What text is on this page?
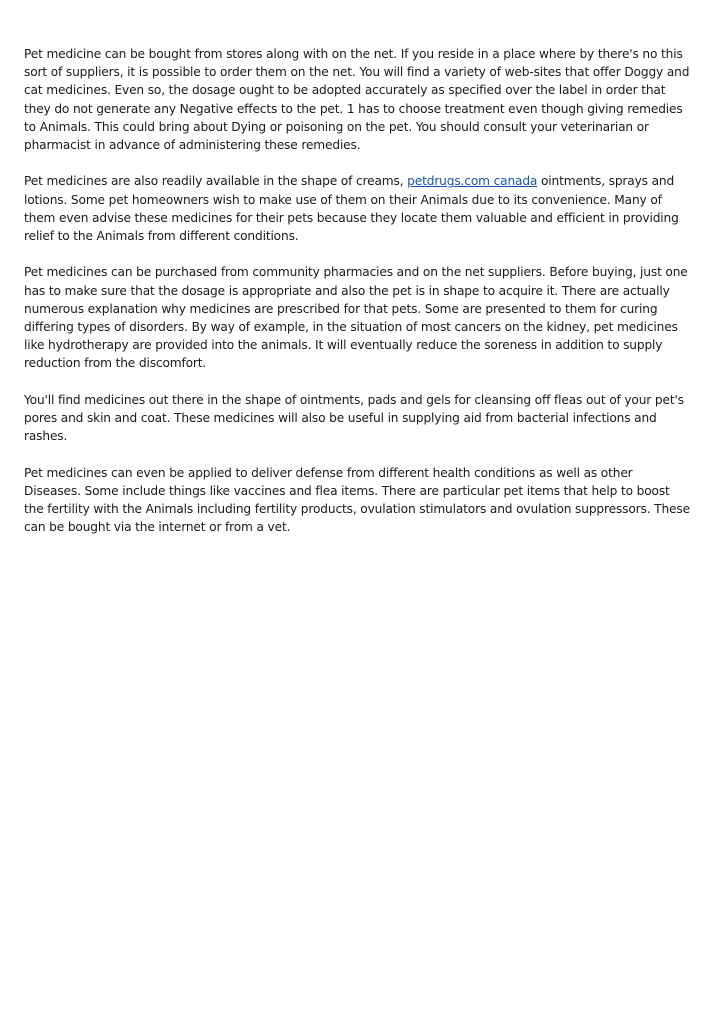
Pet medicine can be bought from stores along with on the net. If you reside in a place where by there's no this sort of suppliers, it is possible to order them on the net. You will find a variety of web-sites that offer Doggy and cat medicines. Even so, the dosage ought to be adopted accurately as specified over the label in order that they do not generate any Negative effects to the pet. 1 has to choose treatment even though giving remedies to Animals. This could bring about Dying or poisoning on the pet. You should consult your veterinarian or pharmacist in advance of administering these remedies.

Pet medicines are also readily available in the shape of creams, petdrugs.com canada ointments, sprays and lotions. Some pet homeowners wish to make use of them on their Animals due to its convenience. Many of them even advise these medicines for their pets because they locate them valuable and efficient in providing relief to the Animals from different conditions.

Pet medicines can be purchased from community pharmacies and on the net suppliers. Before buying, just one has to make sure that the dosage is appropriate and also the pet is in shape to acquire it. There are actually numerous explanation why medicines are prescribed for that pets. Some are presented to them for curing differing types of disorders. By way of example, in the situation of most cancers on the kidney, pet medicines like hydrotherapy are provided into the animals. It will eventually reduce the soreness in addition to supply reduction from the discomfort.

You'll find medicines out there in the shape of ointments, pads and gels for cleansing off fleas out of your pet's pores and skin and coat. These medicines will also be useful in supplying aid from bacterial infections and rashes.

Pet medicines can even be applied to deliver defense from different health conditions as well as other Diseases. Some include things like vaccines and flea items. There are particular pet items that help to boost the fertility with the Animals including fertility products, ovulation stimulators and ovulation suppressors. These can be bought via the internet or from a vet.
